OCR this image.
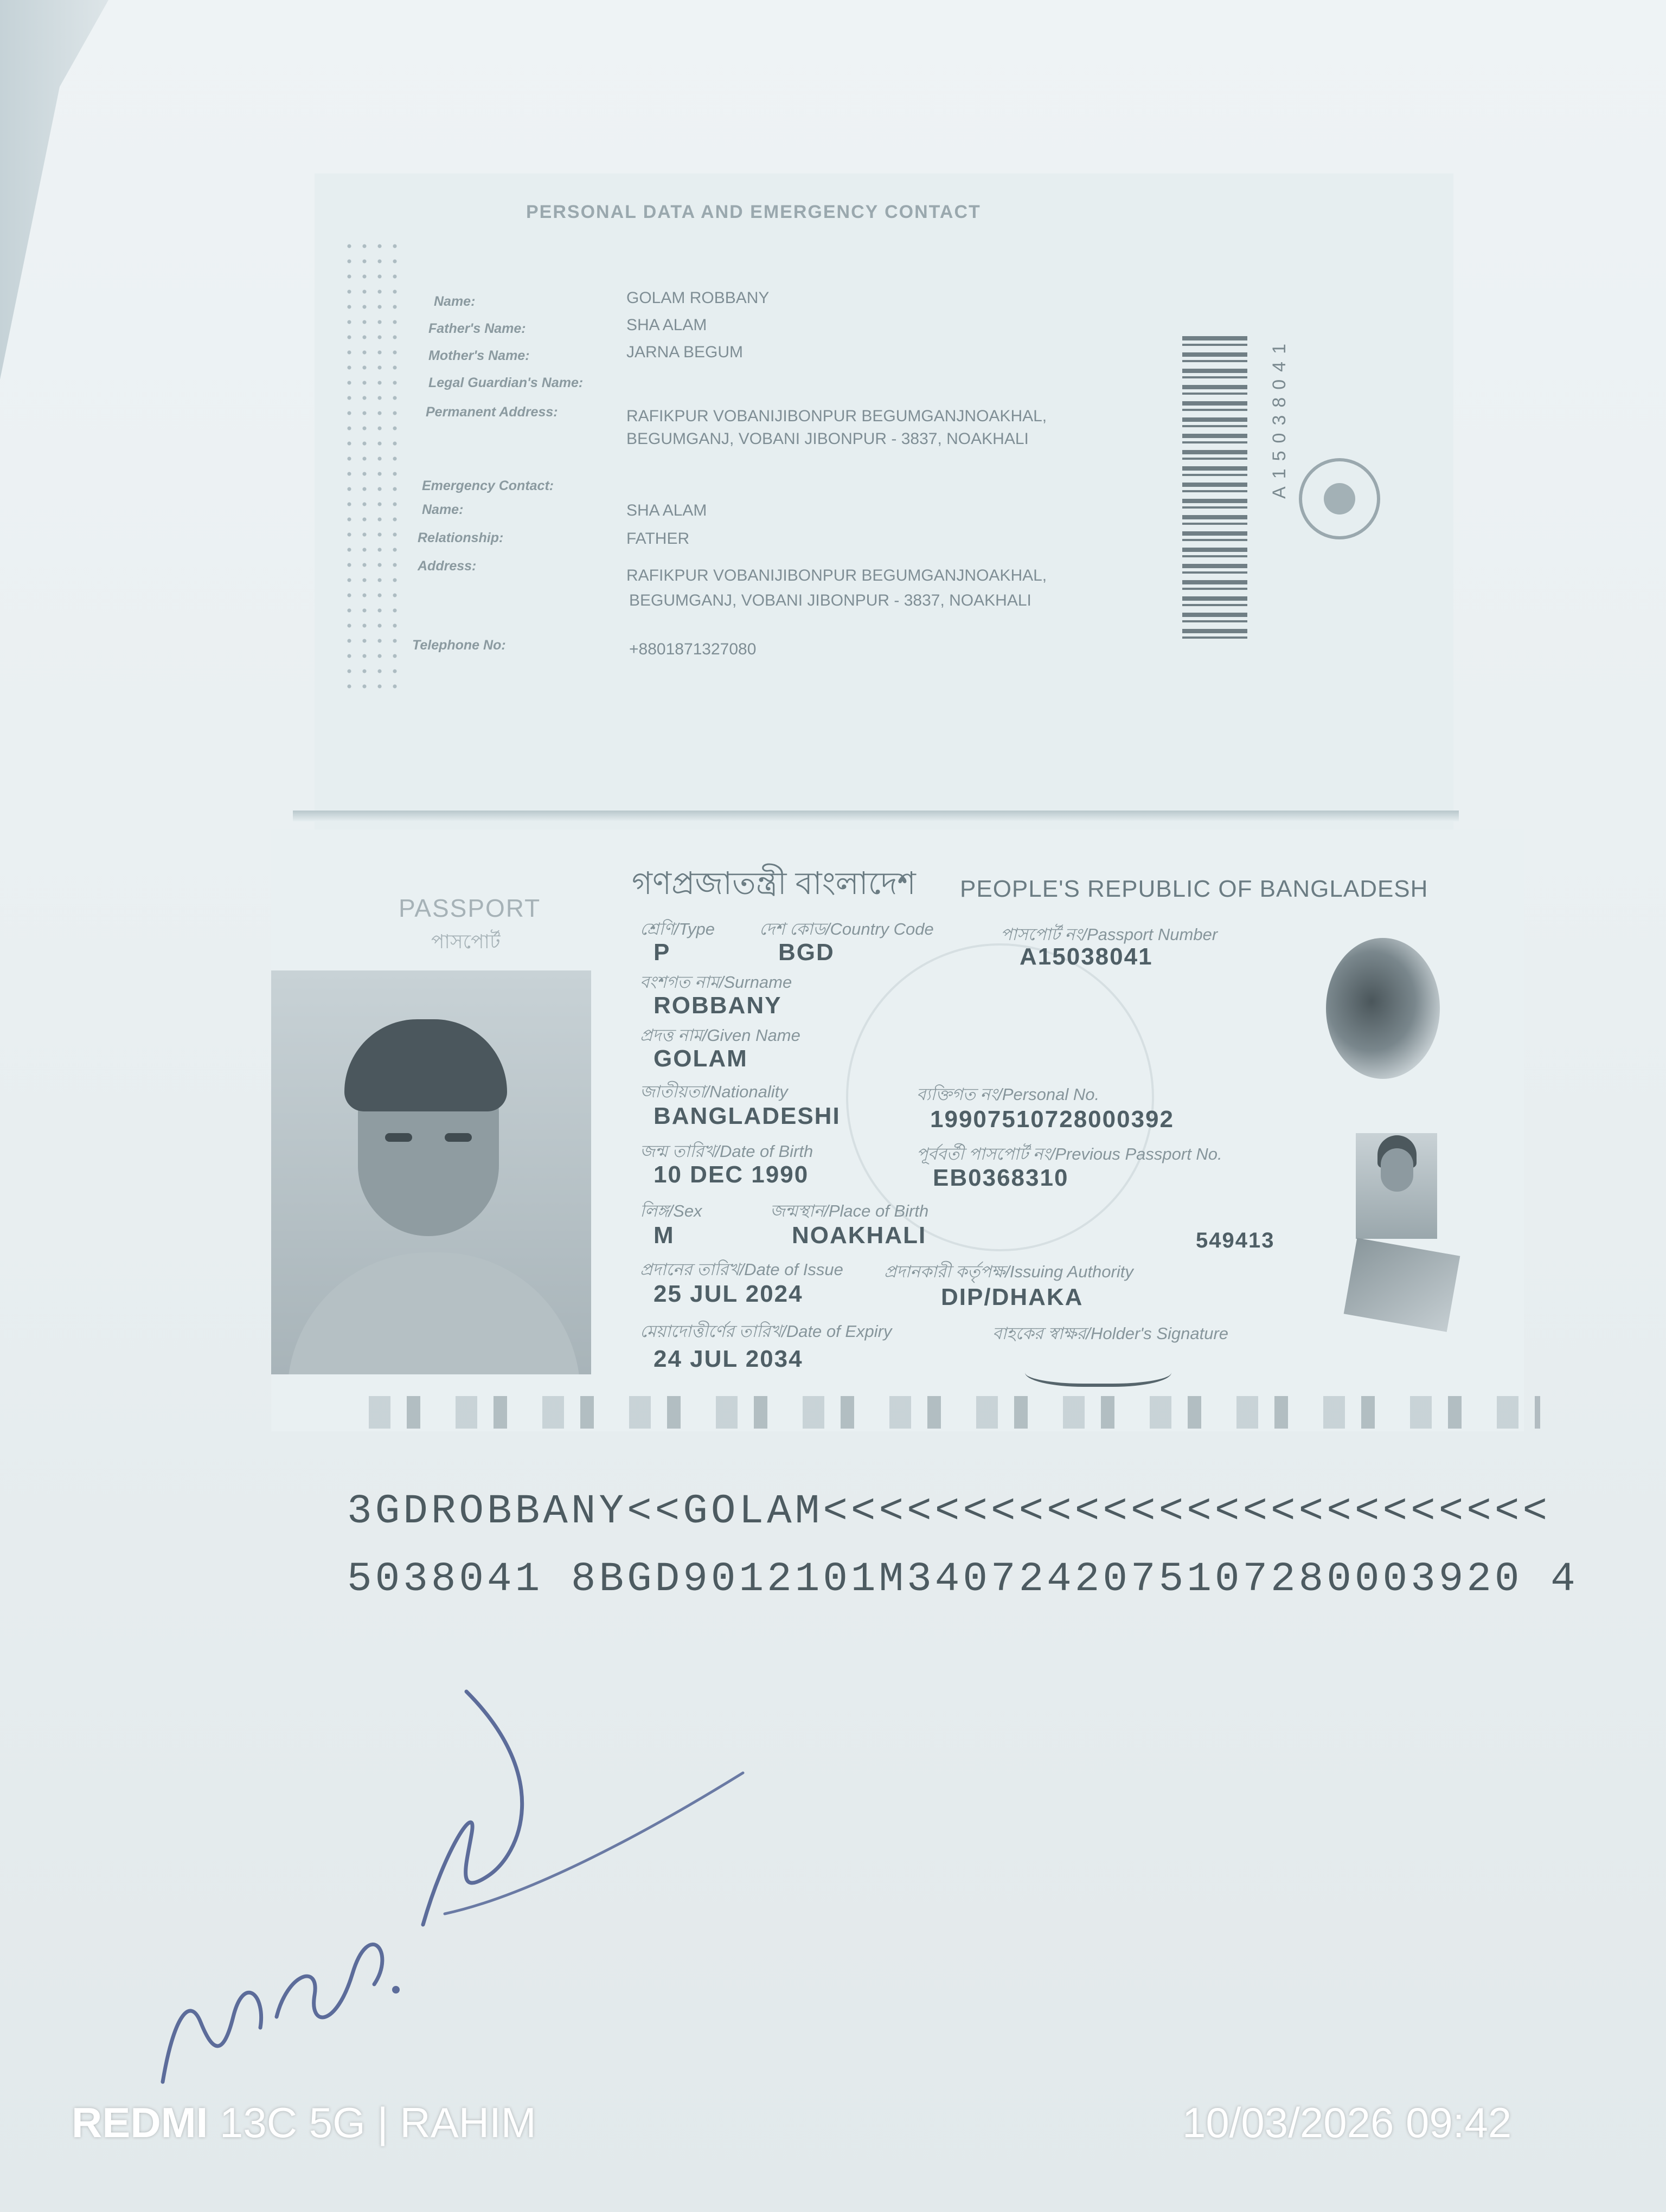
PERSONAL DATA AND EMERGENCY CONTACT
Name:	GOLAM ROBBANY
Father's Name:	SHA ALAM
Mother's Name:	JARNA BEGUM
Legal Guardian's Name:
Permanent Address:	RAFIKPUR VOBANIJIBONPUR BEGUMGANJNOAKHAL,
BEGUMGANJ, VOBANI JIBONPUR - 3837, NOAKHALI
Emergency Contact:
Name:	SHA ALAM
Relationship:	FATHER
Address:
RAFIKPUR VOBANIJIBONPUR BEGUMGANJNOAKHAL,
BEGUMGANJ, VOBANI JIBONPUR - 3837, NOAKHALI
Telephone No:	+8801871327080
A15038041
গণপ্রজাতন্ত্রী বাংলাদেশ PEOPLE'S REPUBLIC OF BANGLADESH
PASSPORT
পাসপোর্ট
শ্রেণি/Type	দেশ কোড/Country Code	পাসপোর্ট নং/Passport Number
P	BGD	A15038041
বংশগত নাম/Surname
ROBBANY
প্রদত্ত নাম/Given Name
GOLAM
জাতীয়তা/Nationality	ব্যক্তিগত নং/Personal No.
BANGLADESHI	19907510728000392
জন্ম তারিখ/Date of Birth	পূর্ববর্তী পাসপোর্ট নং/Previous Passport No.
10 DEC 1990	EB0368310
লিঙ্গ/Sex	জন্মস্থান/Place of Birth
M	NOAKHALI	549413
প্রদানের তারিখ/Date of Issue প্রদানকারী কর্তৃপক্ষ/Issuing Authority
25 JUL 2024	DIP/DHAKA
মেয়াদোত্তীর্ণের তারিখ/Date of Expiry	বাহকের স্বাক্ষর/Holder's Signature
24 JUL 2034
3GDROBBANY<<GOLAM<<<<<<<<<<<<<<<<<<<<<<<<<<
5038041 8BGD9012101M3407242075107280003920 4
REDMI 13C 5G | RAHIM	10/03/2026 09:42
